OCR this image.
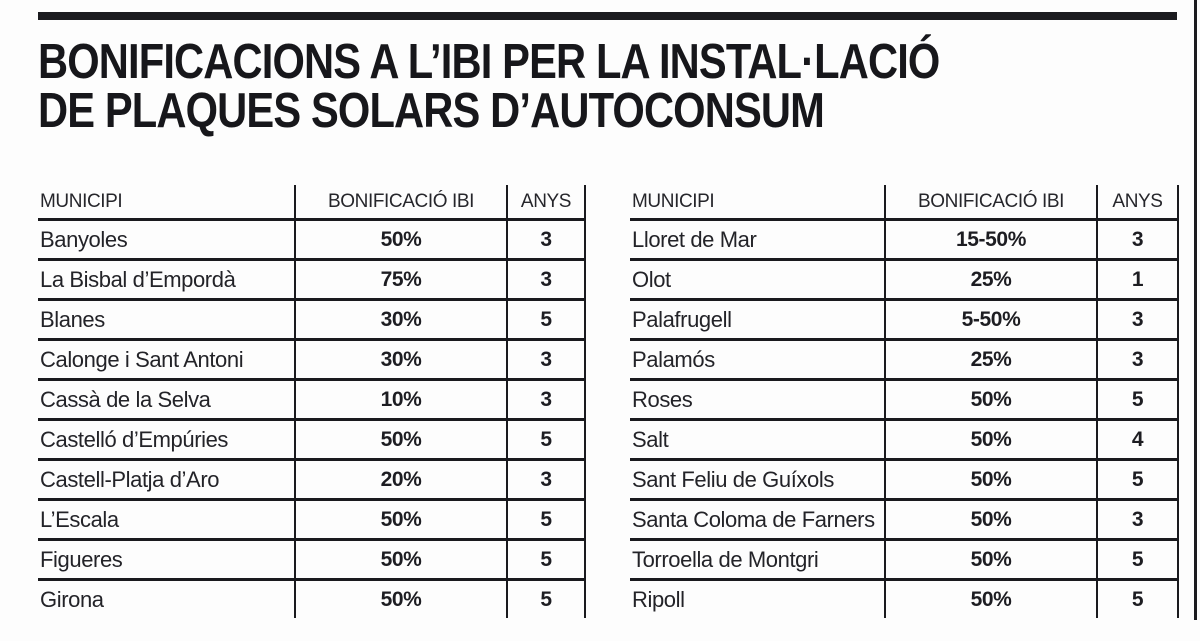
BONIFICACIONS A L’IBI PER LA INSTAL·LACIÓ
DE PLAQUES SOLARS D’AUTOCONSUM
MUNICIPI	BONIFICACIÓ IBI	ANYS
Banyoles	50%	3
La Bisbal d’Empordà	75%	3
Blanes	30%	5
Calonge i Sant Antoni	30%	3
Cassà de la Selva	10%	3
Castelló d’Empúries	50%	5
Castell-Platja d’Aro	20%	3
L’Escala	50%	5
Figueres	50%	5
Girona	50%	5
MUNICIPI	BONIFICACIÓ IBI	ANYS
Lloret de Mar	15-50%	3
Olot	25%	1
Palafrugell	5-50%	3
Palamós	25%	3
Roses	50%	5
Salt	50%	4
Sant Feliu de Guíxols	50%	5
Santa Coloma de Farners	50%	3
Torroella de Montgri	50%	5
Ripoll	50%	5
